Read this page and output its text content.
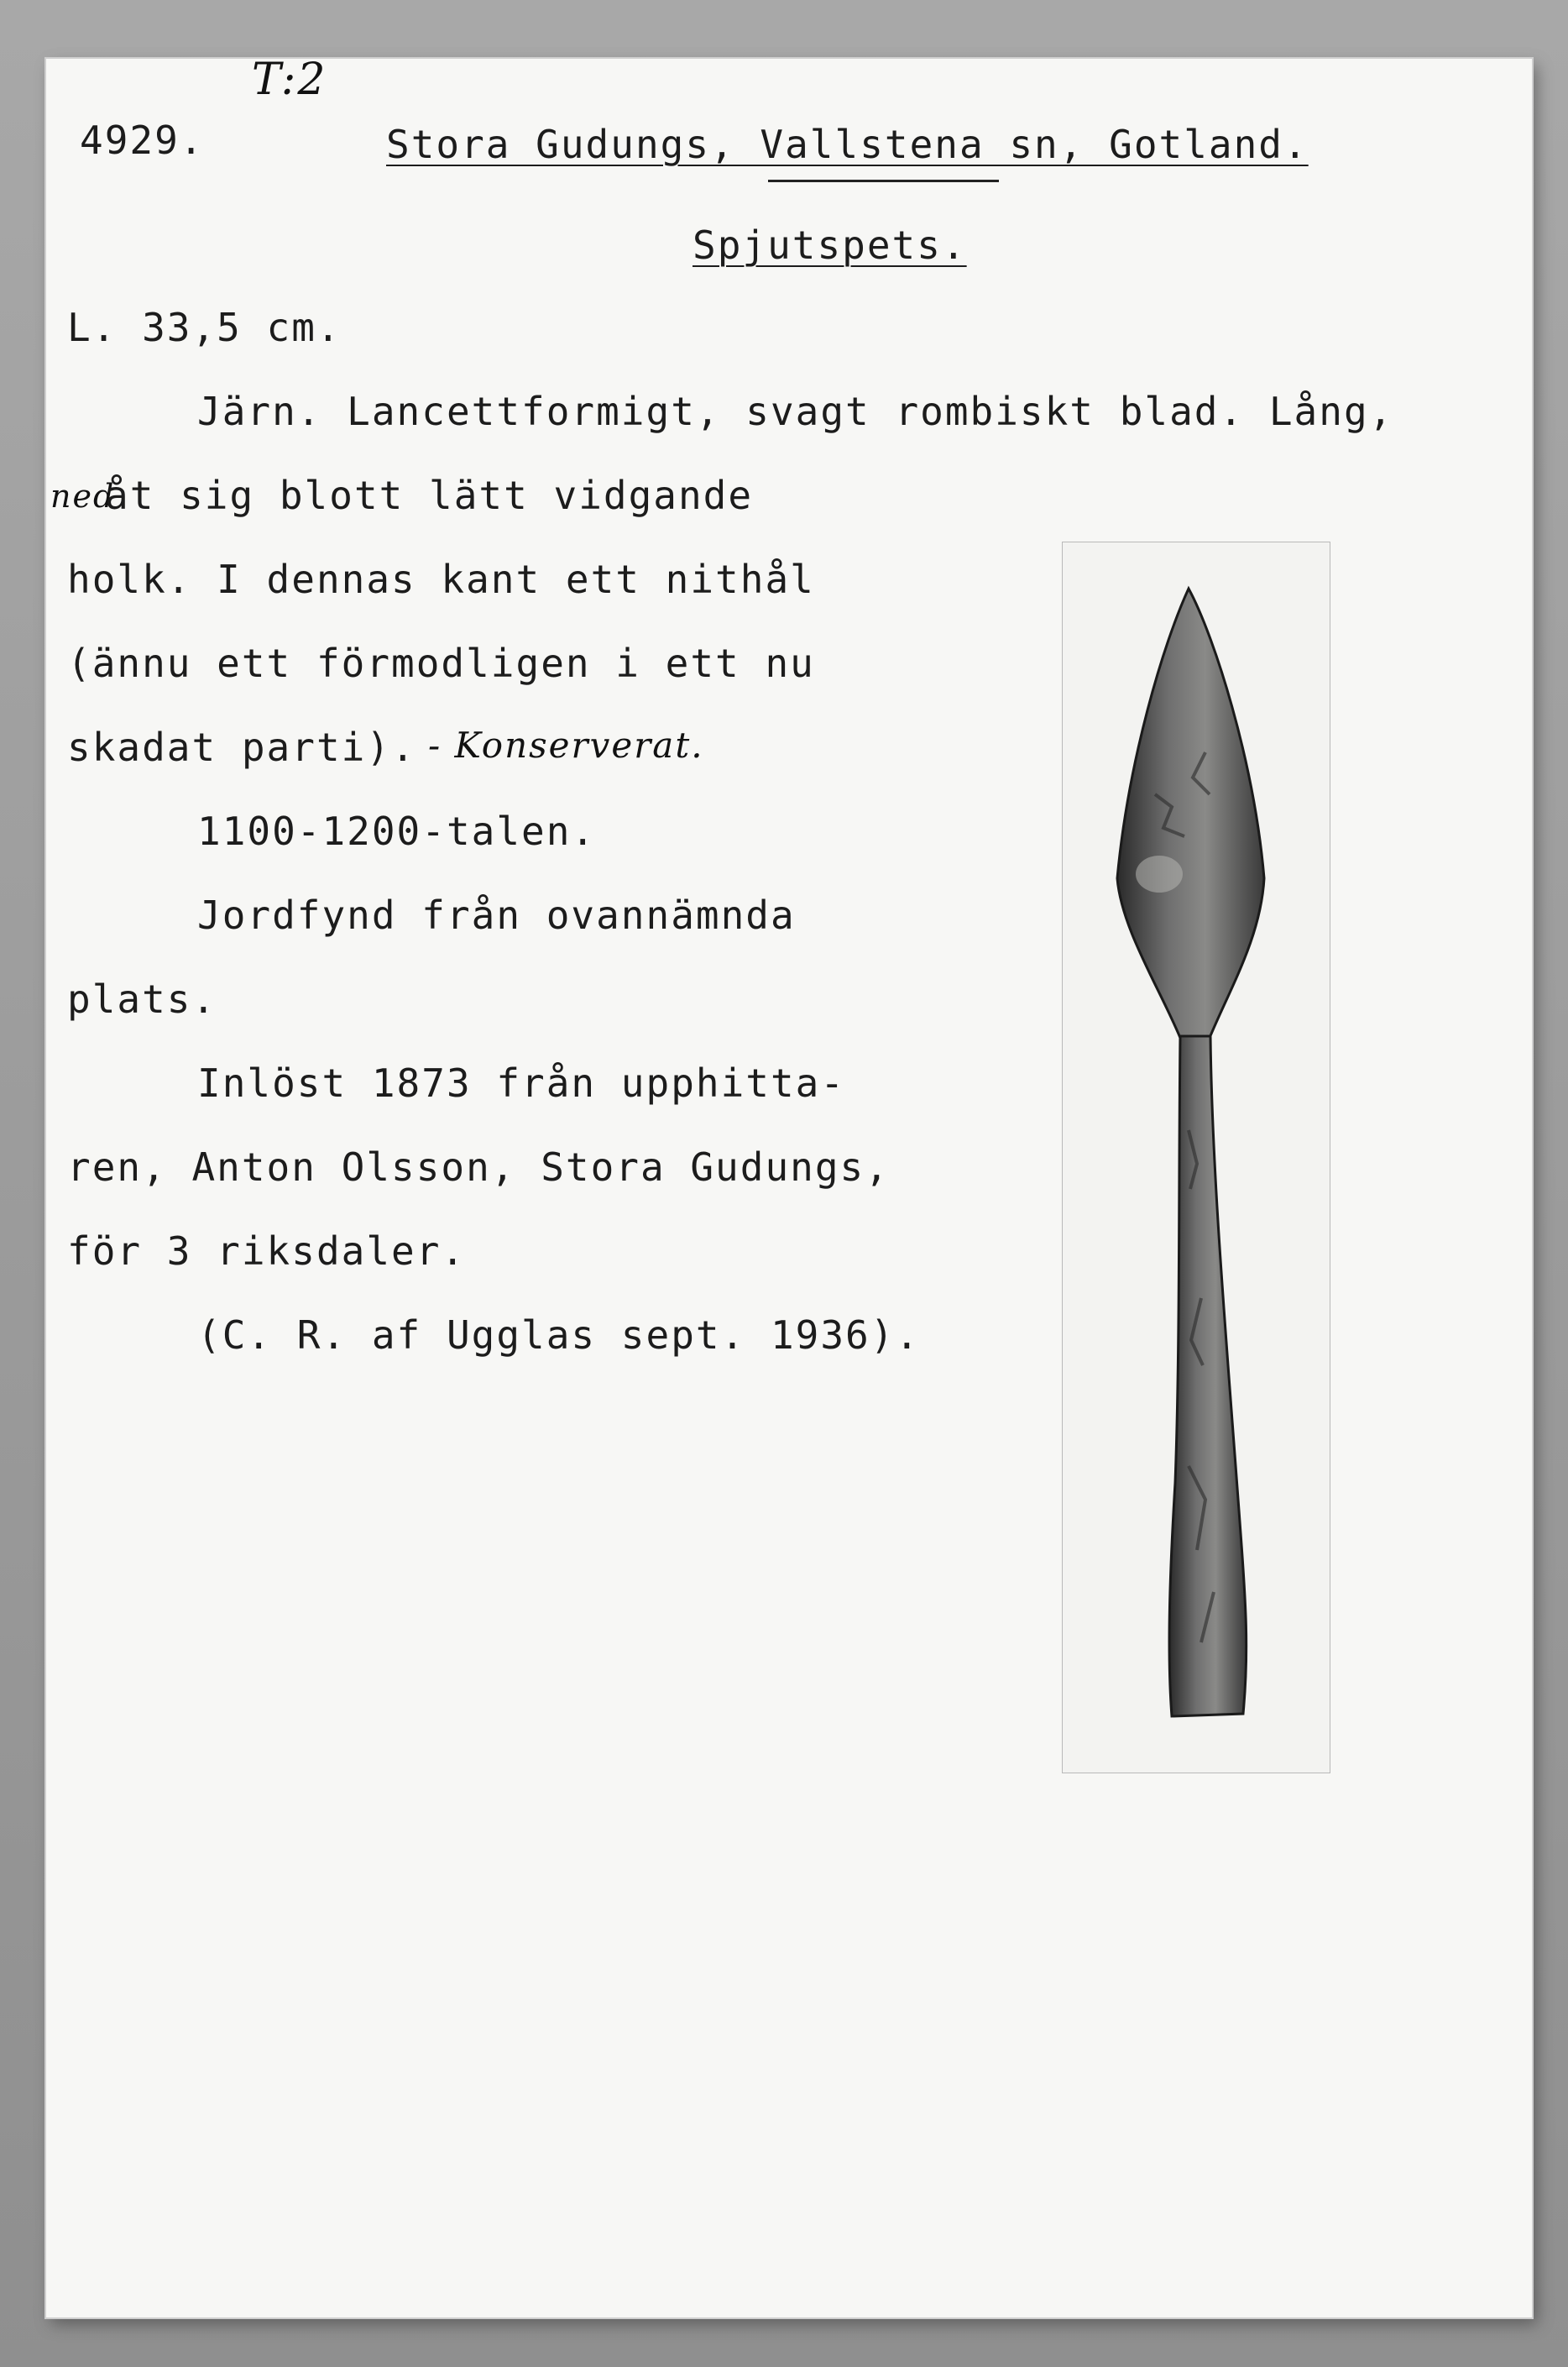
T:2
4929.	Stora Gudungs, Vallstena sn, Gotland.
Spjutspets.
L. 33,5 cm.
Järn. Lancettformigt, svagt rombiskt blad. Lång,
ned
åt sig blott lätt vidgande
holk. I dennas kant ett nithål
(ännu ett förmodligen i ett nu
skadat parti). - Konserverat.
1100-1200-talen.
Jordfynd från ovannämnda
plats.
Inlöst 1873 från upphitta-
ren, Anton Olsson, Stora Gudungs,
för 3 riksdaler.
(C. R. af Ugglas sept. 1936).
